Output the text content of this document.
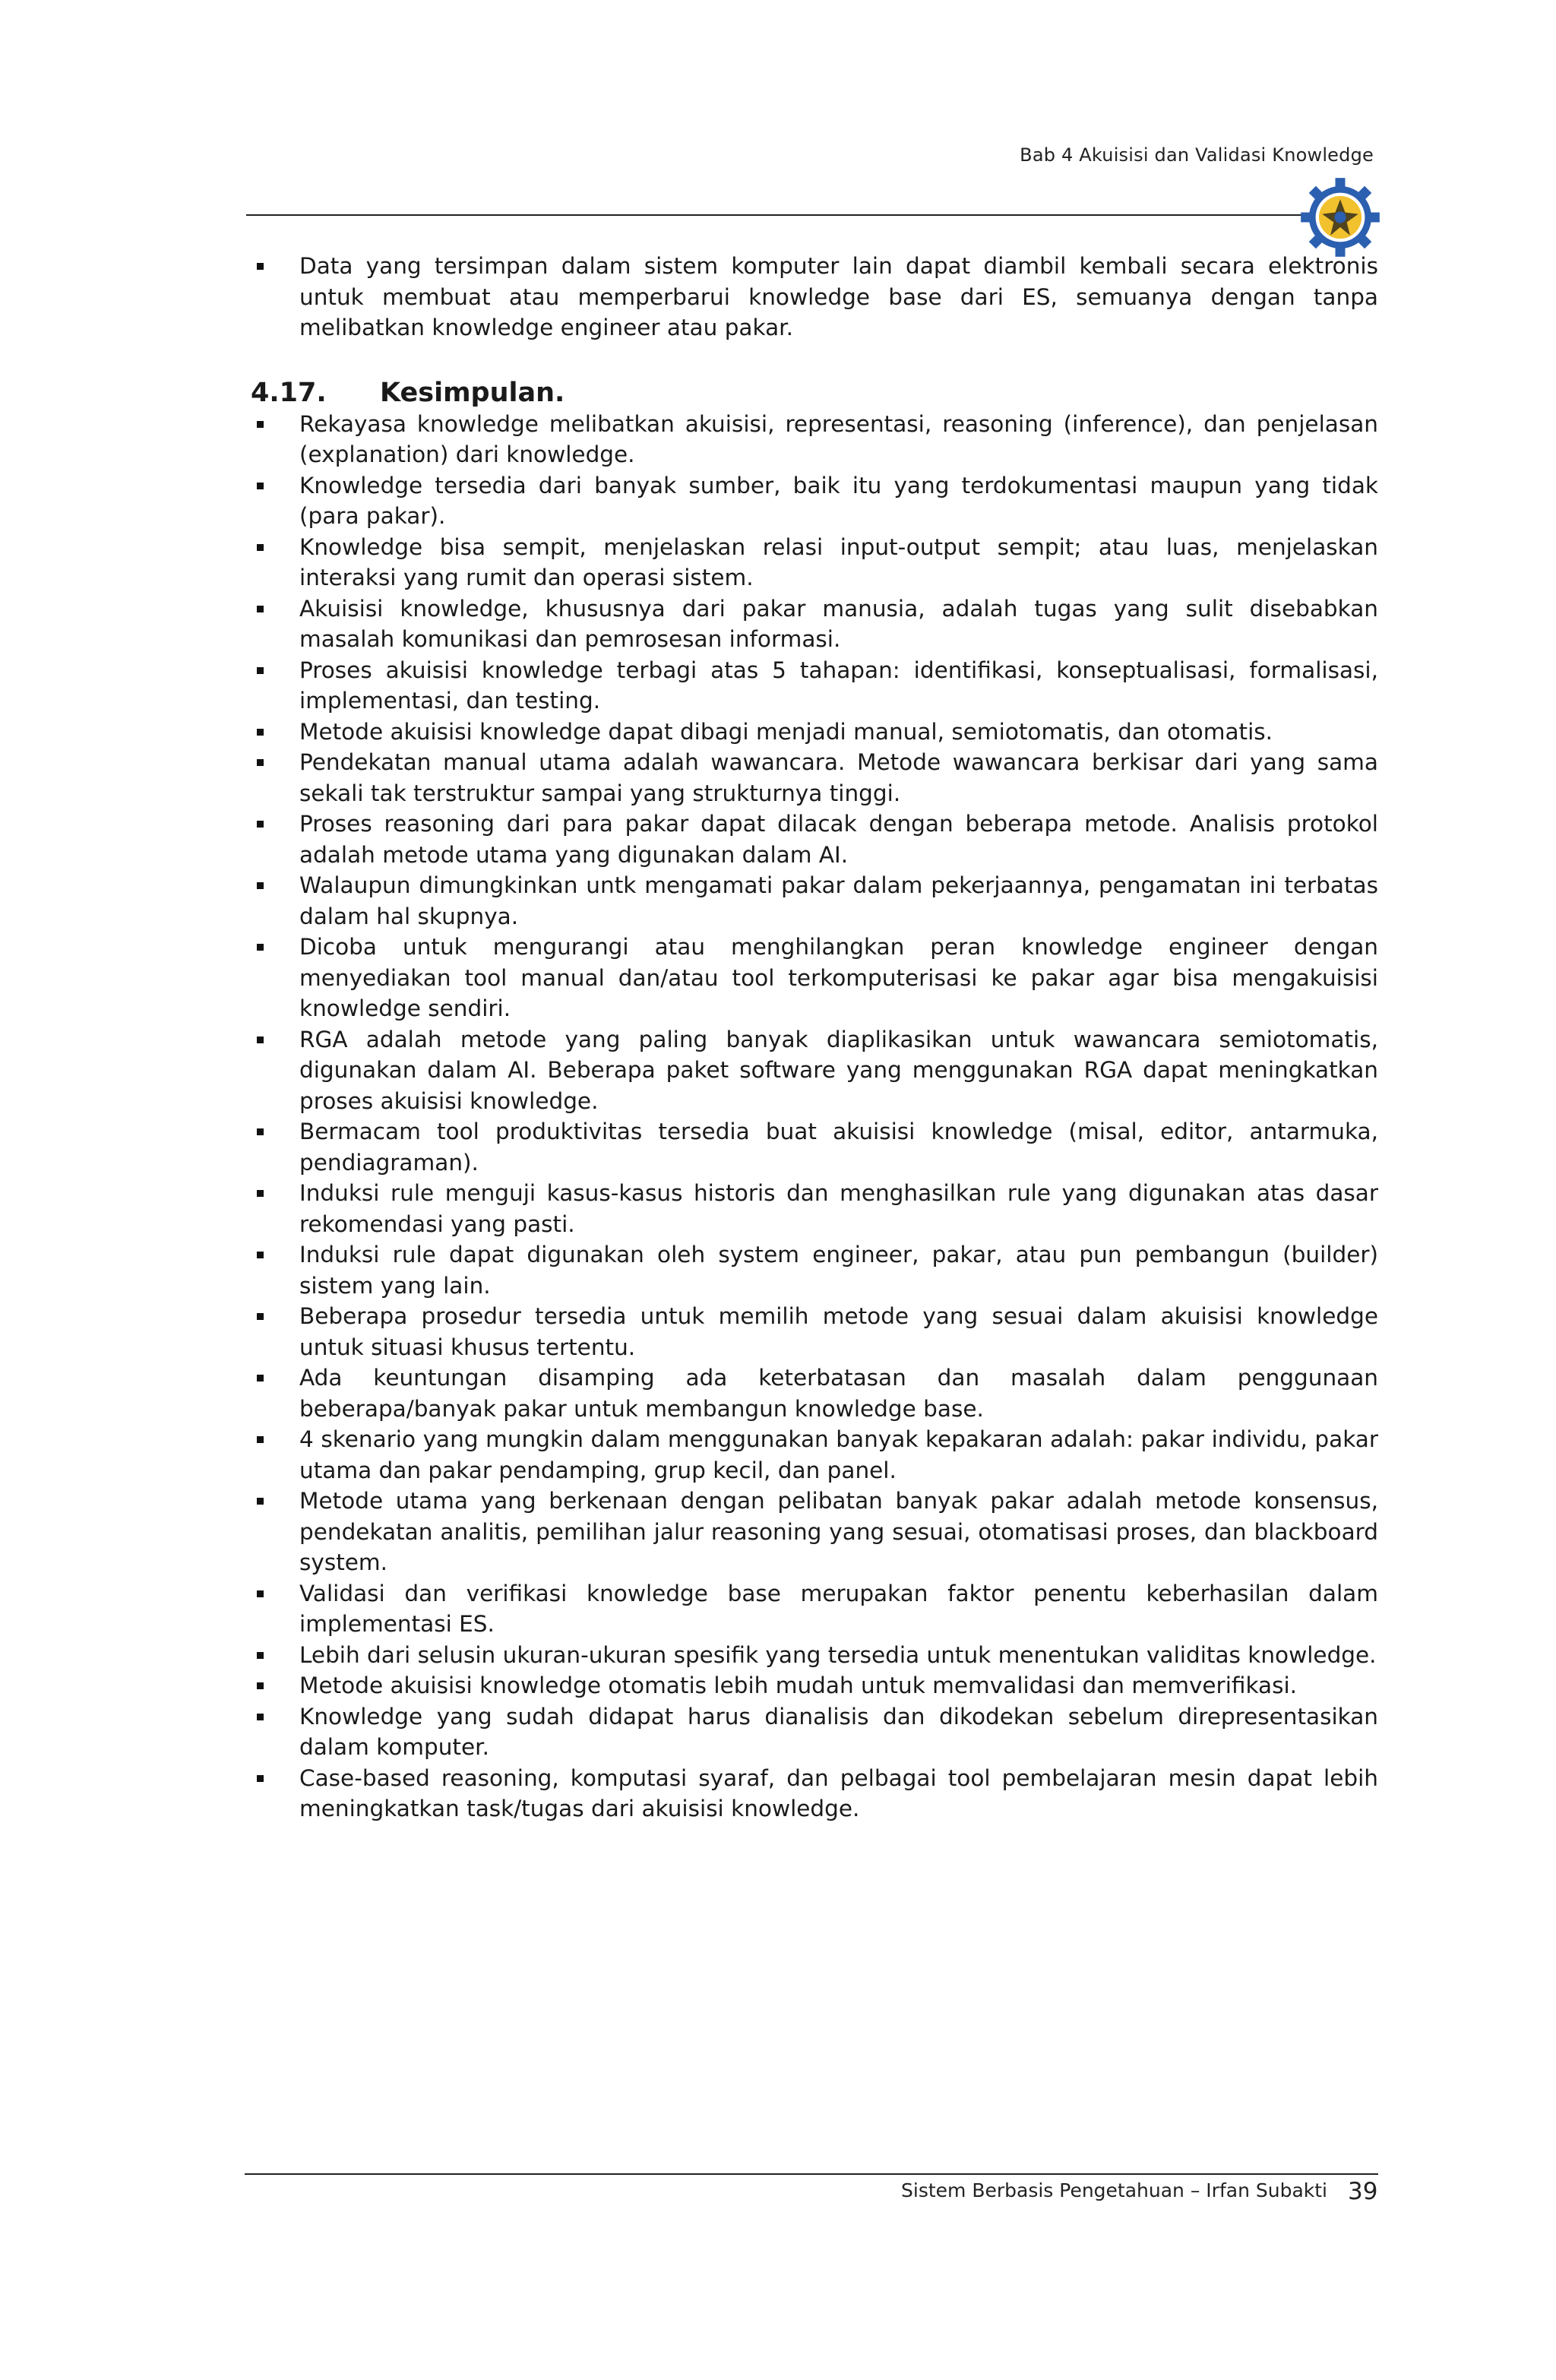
Bab 4 Akuisisi dan Validasi Knowledge
Data yang tersimpan dalam sistem komputer lain dapat diambil kembali secara elektronis untuk membuat atau memperbarui knowledge base dari ES, semuanya dengan tanpa melibatkan knowledge engineer atau pakar.
4.17.	Kesimpulan.
Rekayasa knowledge melibatkan akuisisi, representasi, reasoning (inference), dan penjelasan (explanation) dari knowledge.
Knowledge tersedia dari banyak sumber, baik itu yang terdokumentasi maupun yang tidak (para pakar).
Knowledge bisa sempit, menjelaskan relasi input-output sempit; atau luas, menjelaskan interaksi yang rumit dan operasi sistem.
Akuisisi knowledge, khususnya dari pakar manusia, adalah tugas yang sulit disebabkan masalah komunikasi dan pemrosesan informasi.
Proses akuisisi knowledge terbagi atas 5 tahapan: identifikasi, konseptualisasi, formalisasi, implementasi, dan testing.
Metode akuisisi knowledge dapat dibagi menjadi manual, semiotomatis, dan otomatis.
Pendekatan manual utama adalah wawancara. Metode wawancara berkisar dari yang sama sekali tak terstruktur sampai yang strukturnya tinggi.
Proses reasoning dari para pakar dapat dilacak dengan beberapa metode. Analisis protokol adalah metode utama yang digunakan dalam AI.
Walaupun dimungkinkan untk mengamati pakar dalam pekerjaannya, pengamatan ini terbatas dalam hal skupnya.
Dicoba untuk mengurangi atau menghilangkan peran knowledge engineer dengan menyediakan tool manual dan/atau tool terkomputerisasi ke pakar agar bisa mengakuisisi knowledge sendiri.
RGA adalah metode yang paling banyak diaplikasikan untuk wawancara semiotomatis, digunakan dalam AI. Beberapa paket software yang menggunakan RGA dapat meningkatkan proses akuisisi knowledge.
Bermacam tool produktivitas tersedia buat akuisisi knowledge (misal, editor, antarmuka, pendiagraman).
Induksi rule menguji kasus-kasus historis dan menghasilkan rule yang digunakan atas dasar rekomendasi yang pasti.
Induksi rule dapat digunakan oleh system engineer, pakar, atau pun pembangun (builder) sistem yang lain.
Beberapa prosedur tersedia untuk memilih metode yang sesuai dalam akuisisi knowledge untuk situasi khusus tertentu.
Ada keuntungan disamping ada keterbatasan dan masalah dalam penggunaan beberapa/banyak pakar untuk membangun knowledge base.
4 skenario yang mungkin dalam menggunakan banyak kepakaran adalah: pakar individu, pakar utama dan pakar pendamping, grup kecil, dan panel.
Metode utama yang berkenaan dengan pelibatan banyak pakar adalah metode konsensus, pendekatan analitis, pemilihan jalur reasoning yang sesuai, otomatisasi proses, dan blackboard system.
Validasi dan verifikasi knowledge base merupakan faktor penentu keberhasilan dalam implementasi ES.
Lebih dari selusin ukuran-ukuran spesifik yang tersedia untuk menentukan validitas knowledge.
Metode akuisisi knowledge otomatis lebih mudah untuk memvalidasi dan memverifikasi.
Knowledge yang sudah didapat harus dianalisis dan dikodekan sebelum direpresentasikan dalam komputer.
Case-based reasoning, komputasi syaraf, dan pelbagai tool pembelajaran mesin dapat lebih meningkatkan task/tugas dari akuisisi knowledge.
Sistem Berbasis Pengetahuan – Irfan Subakti 39
